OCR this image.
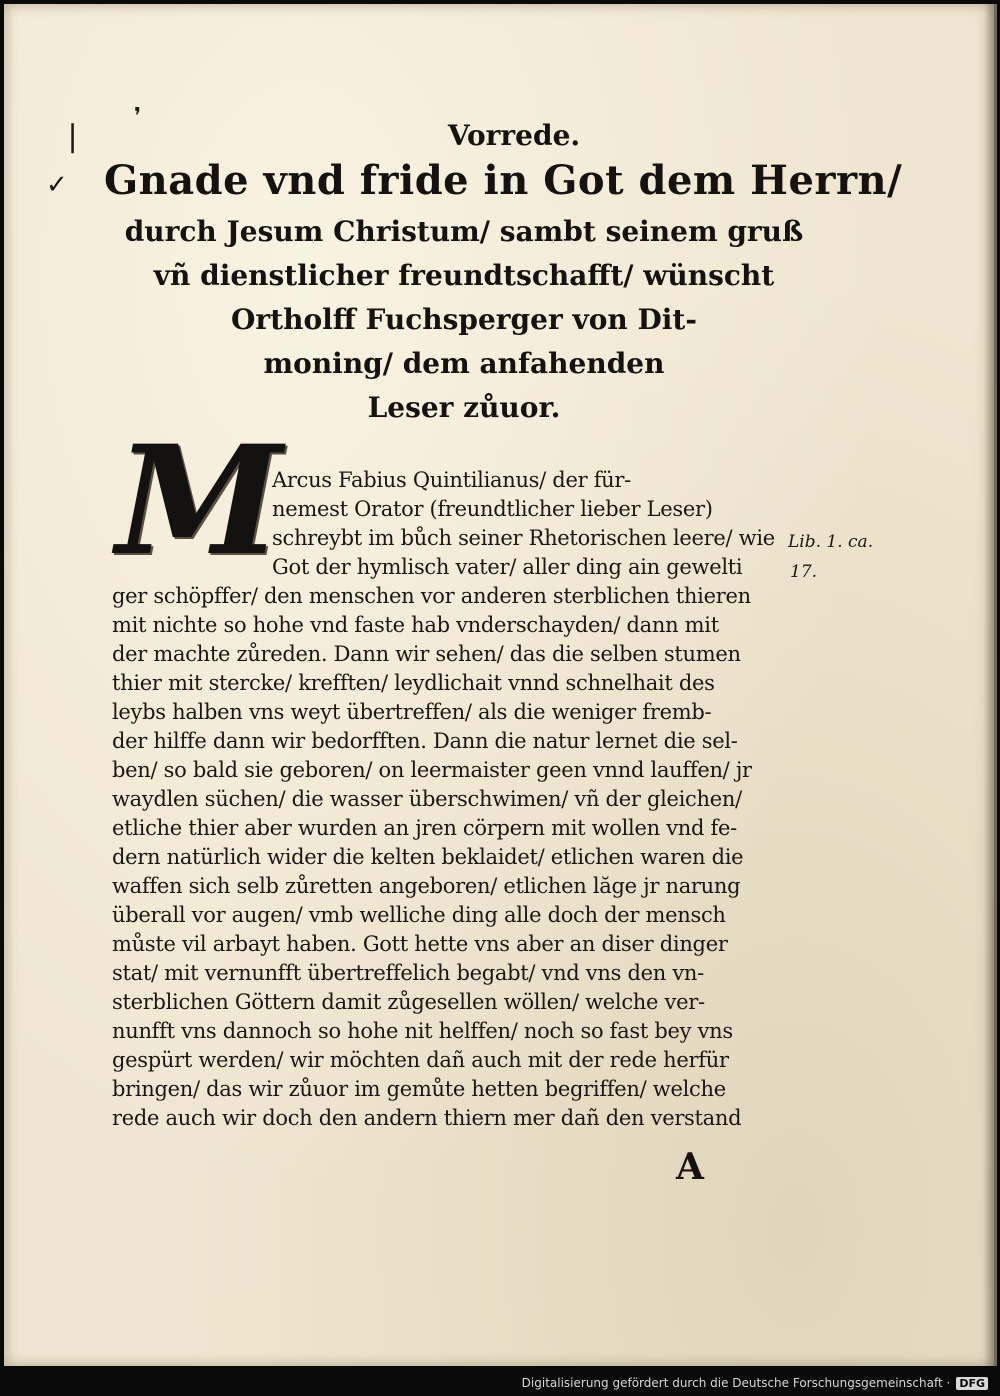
❘
❜
✓

Vorrede.

Gnade vnd fride in Got dem Herrn/

durch Jesum Christum/ sambt seinem gruß

vñ dienstlicher freundtschafft/ wünscht

Ortholff Fuchsperger von Dit-

moning/ dem anfahenden

Leser zůuor.

M
Arcus Fabius Quintilianus/ der für-
nemest Orator (freundtlicher lieber Leser)
schreybt im bůch seiner Rhetorischen leere/ wie
Got der hymlisch vater/ aller ding ain gewelti
ger schöpffer/ den menschen vor anderen sterblichen thieren
mit nichte so hohe vnd faste hab vnderschayden/ dann mit
der machte zůreden. Dann wir sehen/ das die selben stumen
thier mit stercke/ krefften/ leydlichait vnnd schnelhait des
leybs halben vns weyt übertreffen/ als die weniger fremb-
der hilffe dann wir bedorfften. Dann die natur lernet die sel-
ben/ so bald sie geboren/ on leermaister geen vnnd lauffen/ jr
waydlen süchen/ die wasser überschwimen/ vñ der gleichen/
etliche thier aber wurden an jren cörpern mit wollen vnd fe-
dern natürlich wider die kelten beklaidet/ etlichen waren die
waffen sich selb zůretten angeboren/ etlichen lăge jr narung
überall vor augen/ vmb welliche ding alle doch der mensch
můste vil arbayt haben. Gott hette vns aber an diser dinger
stat/ mit vernunfft übertreffelich begabt/ vnd vns den vn-
sterblichen Göttern damit zůgesellen wöllen/ welche ver-
nunfft vns dannoch so hohe nit helffen/ noch so fast bey vns
gespürt werden/ wir möchten dañ auch mit der rede herfür
bringen/ das wir zůuor im gemůte hetten begriffen/ welche
rede auch wir doch den andern thiern mer dañ den verstand
Lib. 1. ca.
17.
A
Digitalisierung gefördert durch die Deutsche Forschungsgemeinschaft · DFG
